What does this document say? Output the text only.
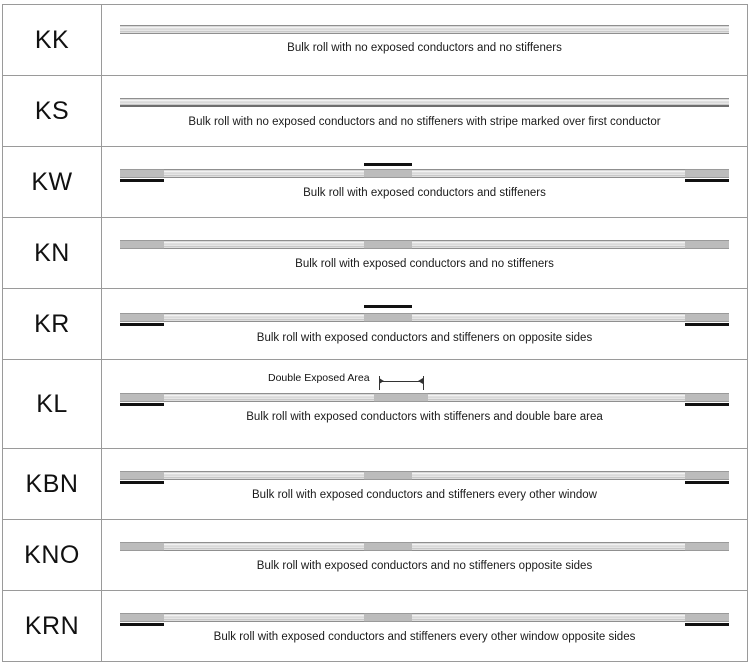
KK	Bulk roll with no exposed conductors and no stiffeners

KS	Bulk roll with no exposed conductors and no stiffeners with stripe marked over first conductor

KW	Bulk roll with exposed conductors and stiffeners

KN	Bulk roll with exposed conductors and no stiffeners

KR	Bulk roll with exposed conductors and stiffeners on opposite sides

KL	Double Exposed Area
Bulk roll with exposed conductors with stiffeners and double bare area

KBN	Bulk roll with exposed conductors and stiffeners every other window

KNO	Bulk roll with exposed conductors and no stiffeners opposite sides

KRN	Bulk roll with exposed conductors and stiffeners every other window opposite sides
